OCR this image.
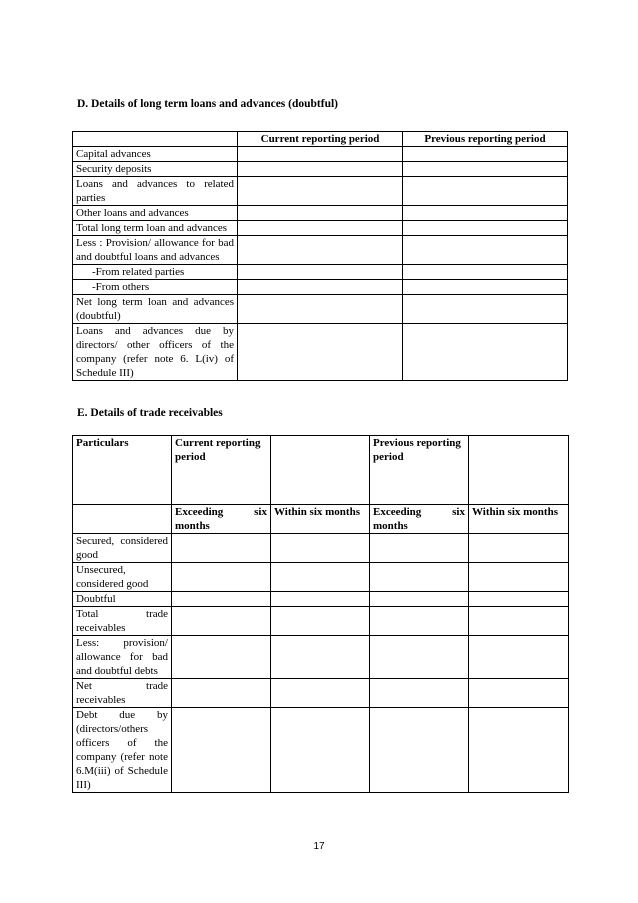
D. Details of long term loans and advances (doubtful)

	Current reporting period	Previous reporting period
Capital advances		
Security deposits		
Loans and advances to related parties		
Other loans and advances		
Total long term loan and advances		
Less : Provision/ allowance for bad and doubtful loans and advances		
-From related parties		
-From others		
Net long term loan and advances (doubtful)		
Loans and advances due by directors/ other officers of the company (refer note 6. L(iv) of Schedule III)		

E. Details of trade receivables

Particulars	Current reporting period		Previous reporting period	

	Exceeding six months	Within six months	Exceeding six months	Within six months

Secured, considered good				
Unsecured, considered good				
Doubtful				
Total trade receivables				
Less: provision/ allowance for bad and doubtful debts				
Net trade receivables				
Debt due by (directors/others officers of the company (refer note 6.M(iii) of Schedule III)				
17
